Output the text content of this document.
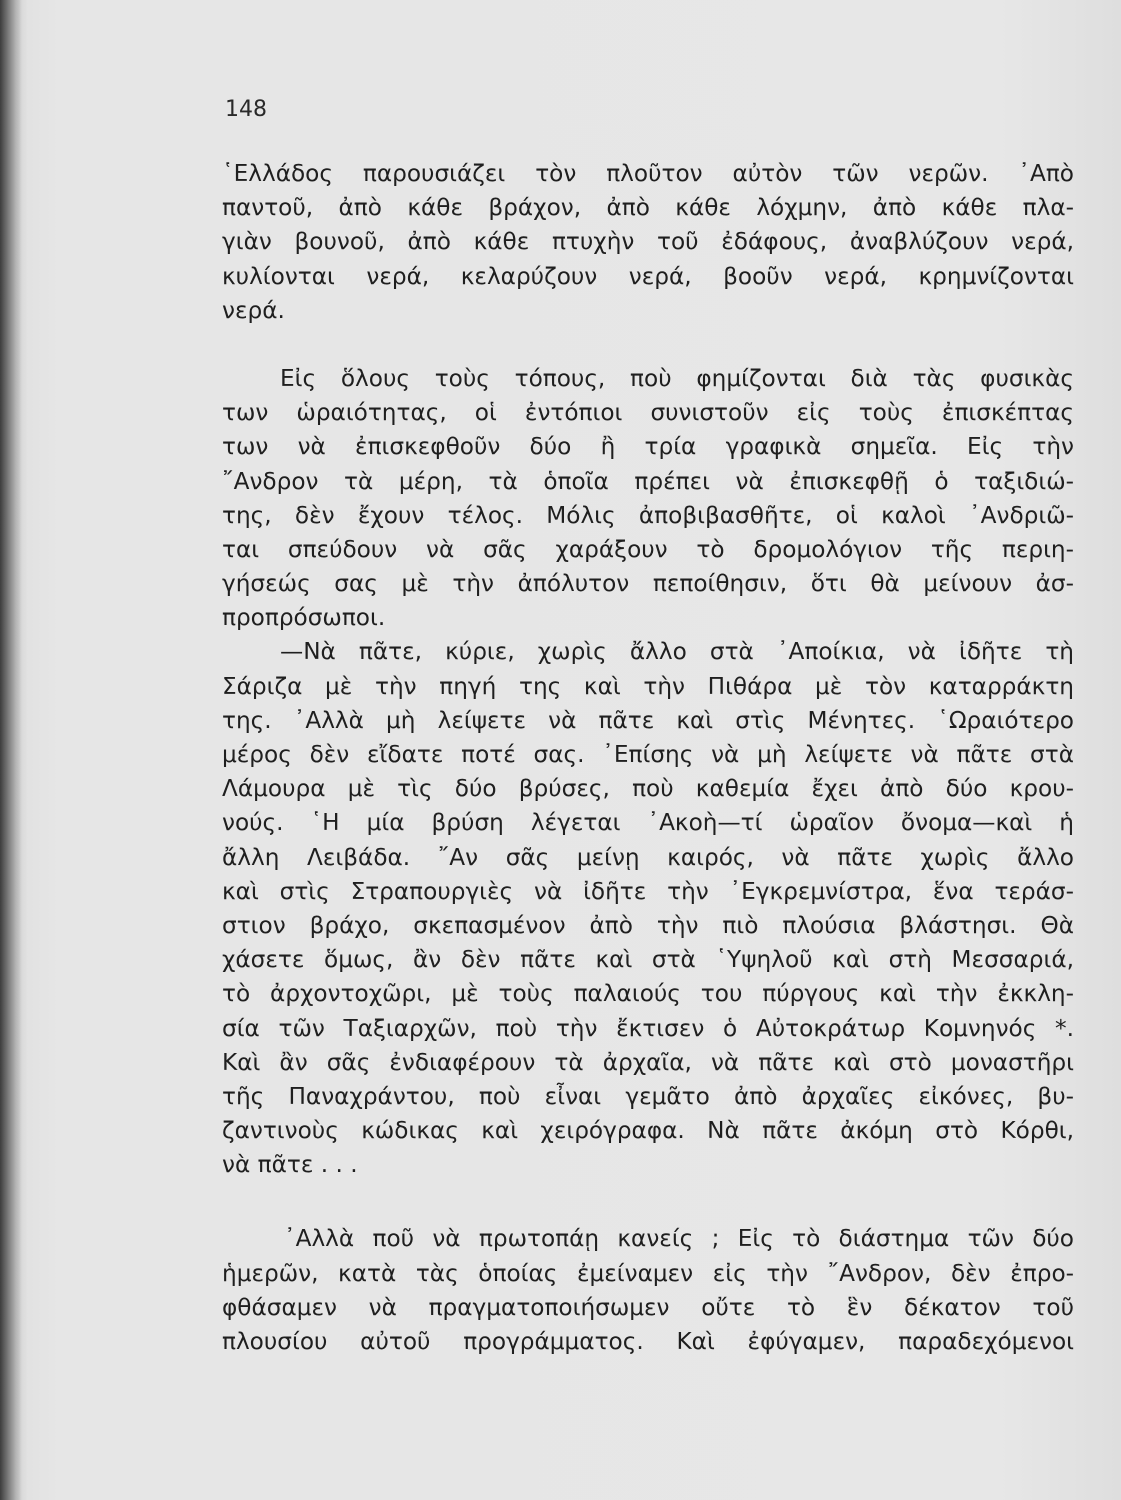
148
῾Ελλάδος παρουσιάζει τὸν πλοῦτον αὐτὸν τῶν νερῶν. ᾿Απὸ
παντοῦ, ἀπὸ κάθε βράχον, ἀπὸ κάθε λόχμην, ἀπὸ κάθε πλα-
γιὰν βουνοῦ, ἀπὸ κάθε πτυχὴν τοῦ ἐδάφους, ἀναβλύζουν νερά,
κυλίονται νερά, κελαρύζουν νερά, βοοῦν νερά, κρημνίζονται
νερά.
Εἰς ὅλους τοὺς τόπους, ποὺ φημίζονται διὰ τὰς φυσικὰς
των ὡραιότητας, οἱ ἐντόπιοι συνιστοῦν εἰς τοὺς ἐπισκέπτας
των νὰ ἐπισκεφθοῦν δύο ἢ τρία γραφικὰ σημεῖα. Εἰς τὴν
῎Ανδρον τὰ μέρη, τὰ ὁποῖα πρέπει νὰ ἐπισκεφθῇ ὁ ταξιδιώ-
της, δὲν ἔχουν τέλος. Μόλις ἀποβιβασθῆτε, οἱ καλοὶ ᾿Ανδριῶ-
ται σπεύδουν νὰ σᾶς χαράξουν τὸ δρομολόγιον τῆς περιη-
γήσεώς σας μὲ τὴν ἀπόλυτον πεποίθησιν, ὅτι θὰ μείνουν ἀσ-
προπρόσωποι.
—Νὰ πᾶτε, κύριε, χωρὶς ἄλλο στὰ ᾿Αποίκια, νὰ ἰδῆτε τὴ
Σάριζα μὲ τὴν πηγή της καὶ τὴν Πιθάρα μὲ τὸν καταρράκτη
της. ᾿Αλλὰ μὴ λείψετε νὰ πᾶτε καὶ στὶς Μένητες. ῾Ωραιότερο
μέρος δὲν εἴδατε ποτέ σας. ᾿Επίσης νὰ μὴ λείψετε νὰ πᾶτε στὰ
Λάμουρα μὲ τὶς δύο βρύσες, ποὺ καθεμία ἔχει ἀπὸ δύο κρου-
νούς. ῾Η μία βρύση λέγεται ᾿Ακοὴ—τί ὡραῖον ὄνομα—καὶ ἡ
ἄλλη Λειβάδα. ῎Αν σᾶς μείνῃ καιρός, νὰ πᾶτε χωρὶς ἄλλο
καὶ στὶς Στραπουργιὲς νὰ ἰδῆτε τὴν ᾿Εγκρεμνίστρα, ἕνα τεράσ-
στιον βράχο, σκεπασμένον ἀπὸ τὴν πιὸ πλούσια βλάστησι. Θὰ
χάσετε ὅμως, ἂν δὲν πᾶτε καὶ στὰ ῾Υψηλοῦ καὶ στὴ Μεσσαριά,
τὸ ἀρχοντοχῶρι, μὲ τοὺς παλαιούς του πύργους καὶ τὴν ἐκκλη-
σία τῶν Ταξιαρχῶν, ποὺ τὴν ἔκτισεν ὁ Αὐτοκράτωρ Κομνηνός *.
Καὶ ἂν σᾶς ἐνδιαφέρουν τὰ ἀρχαῖα, νὰ πᾶτε καὶ στὸ μοναστῆρι
τῆς Παναχράντου, ποὺ εἶναι γεμᾶτο ἀπὸ ἀρχαῖες εἰκόνες, βυ-
ζαντινοὺς κώδικας καὶ χειρόγραφα. Νὰ πᾶτε ἀκόμη στὸ Κόρθι,
νὰ πᾶτε . . .
᾿Αλλὰ ποῦ νὰ πρωτοπάῃ κανείς ; Εἰς τὸ διάστημα τῶν δύο
ἡμερῶν, κατὰ τὰς ὁποίας ἐμείναμεν εἰς τὴν ῎Ανδρον, δὲν ἐπρο-
φθάσαμεν νὰ πραγματοποιήσωμεν οὔτε τὸ ἓν δέκατον τοῦ
πλουσίου αὐτοῦ προγράμματος. Καὶ ἐφύγαμεν, παραδεχόμενοι
